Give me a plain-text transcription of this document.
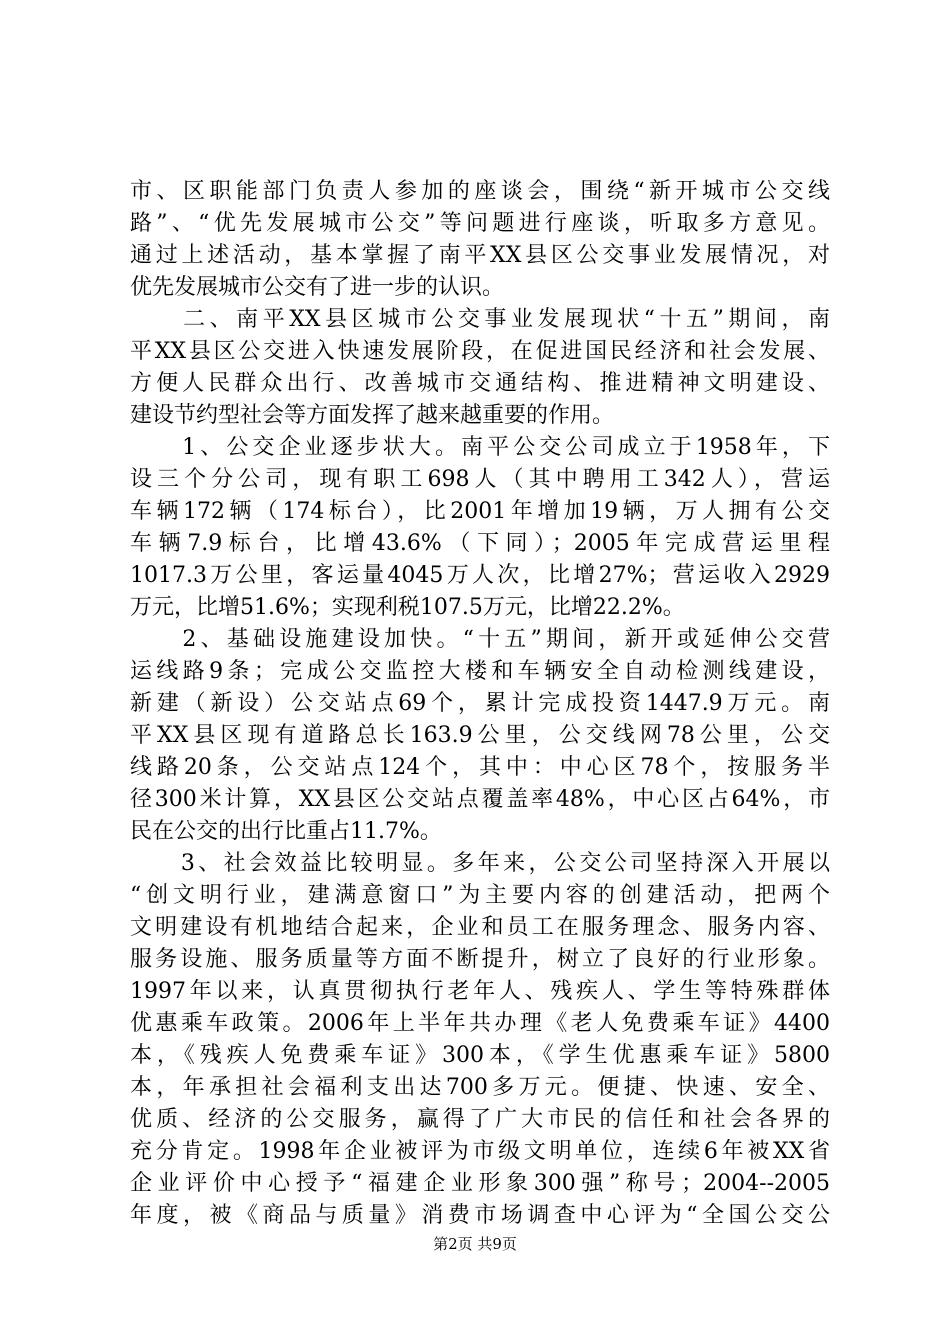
市、区职能部门负责人参加的座谈会，围绕“新开城市公交线
路”、“优先发展城市公交”等问题进行座谈，听取多方意见。
通过上述活动，基本掌握了南平XX县区公交事业发展情况，对
优先发展城市公交有了进一步的认识。
　　二、南平XX县区城市公交事业发展现状“十五”期间，南
平XX县区公交进入快速发展阶段，在促进国民经济和社会发展、
方便人民群众出行、改善城市交通结构、推进精神文明建设、
建设节约型社会等方面发挥了越来越重要的作用。
　　1、公交企业逐步状大。南平公交公司成立于1958年，下
设三个分公司，现有职工698人（其中聘用工342人），营运
车辆172辆（174标台），比2001年增加19辆，万人拥有公交
车辆7.9标台，比增43.6%（下同）；2005年完成营运里程
1017.3万公里，客运量4045万人次，比增27%；营运收入2929
万元，比增51.6%；实现利税107.5万元，比增22.2%。
　　2、基础设施建设加快。“十五”期间，新开或延伸公交营
运线路9条；完成公交监控大楼和车辆安全自动检测线建设，
新建（新设）公交站点69个，累计完成投资1447.9万元。南
平XX县区现有道路总长163.9公里，公交线网78公里，公交
线路20条，公交站点124个，其中：中心区78个，按服务半
径300米计算，XX县区公交站点覆盖率48%，中心区占64%，市
民在公交的出行比重占11.7%。
　　3、社会效益比较明显。多年来，公交公司坚持深入开展以
“创文明行业，建满意窗口”为主要内容的创建活动，把两个
文明建设有机地结合起来，企业和员工在服务理念、服务内容、
服务设施、服务质量等方面不断提升，树立了良好的行业形象。
1997年以来，认真贯彻执行老年人、残疾人、学生等特殊群体
优惠乘车政策。2006年上半年共办理《老人免费乘车证》4400
本，《残疾人免费乘车证》300本，《学生优惠乘车证》5800
本，年承担社会福利支出达700多万元。便捷、快速、安全、
优质、经济的公交服务，赢得了广大市民的信任和社会各界的
充分肯定。1998年企业被评为市级文明单位，连续6年被XX省
企业评价中心授予“福建企业形象300强”称号；2004--2005
年度，被《商品与质量》消费市场调查中心评为“全国公交公
第2页 共9页
